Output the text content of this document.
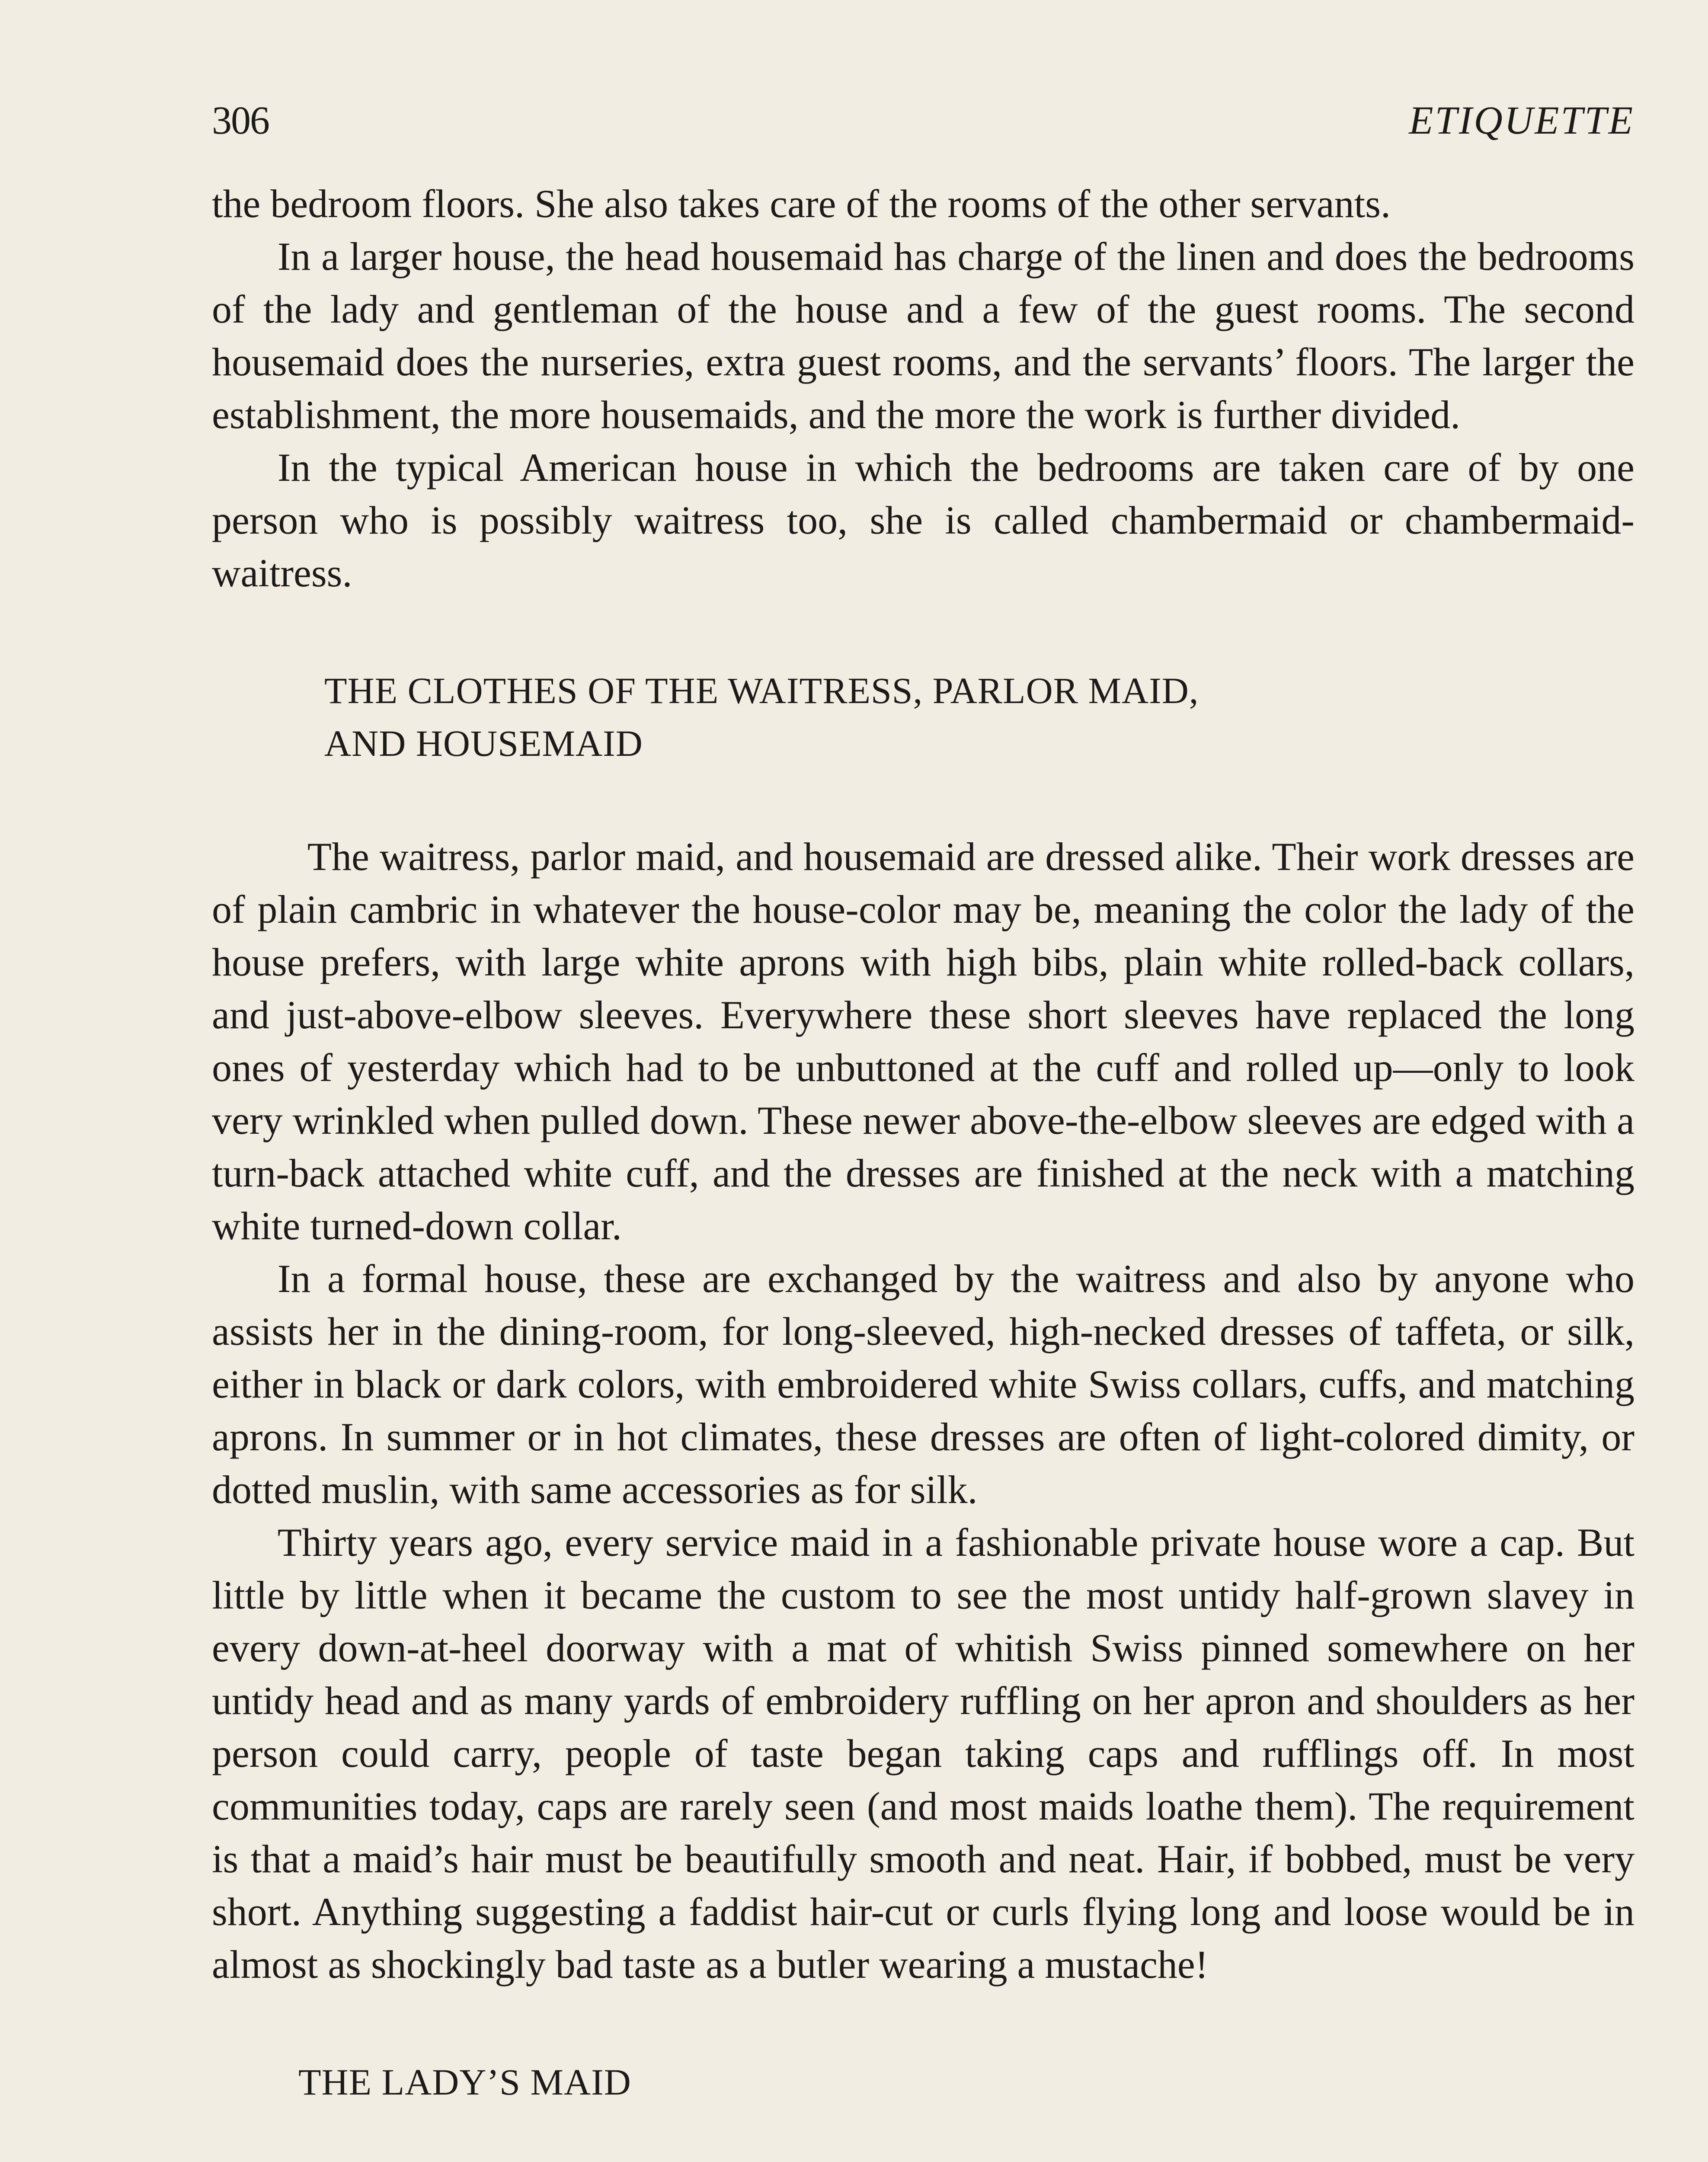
306	ETIQUETTE

the bedroom floors. She also takes care of the rooms of the other servants.

In a larger house, the head housemaid has charge of the linen and does the bedrooms of the lady and gentleman of the house and a few of the guest rooms. The second housemaid does the nurseries, extra guest rooms, and the servants’ floors. The larger the establishment, the more housemaids, and the more the work is further divided.

In the typical American house in which the bedrooms are taken care of by one person who is possibly waitress too, she is called chambermaid or chambermaid-waitress.

THE CLOTHES OF THE WAITRESS, PARLOR MAID,
AND HOUSEMAID

The waitress, parlor maid, and housemaid are dressed alike. Their work dresses are of plain cambric in whatever the house-color may be, meaning the color the lady of the house prefers, with large white aprons with high bibs, plain white rolled-back collars, and just-above-elbow sleeves. Everywhere these short sleeves have replaced the long ones of yesterday which had to be unbuttoned at the cuff and rolled up—only to look very wrinkled when pulled down. These newer above-the-elbow sleeves are edged with a turn-back attached white cuff, and the dresses are finished at the neck with a matching white turned-down collar.

In a formal house, these are exchanged by the waitress and also by anyone who assists her in the dining-room, for long-sleeved, high-necked dresses of taffeta, or silk, either in black or dark colors, with embroidered white Swiss collars, cuffs, and matching aprons. In summer or in hot climates, these dresses are often of light-colored dimity, or dotted muslin, with same accessories as for silk.

Thirty years ago, every service maid in a fashionable private house wore a cap. But little by little when it became the custom to see the most untidy half-grown slavey in every down-at-heel doorway with a mat of whitish Swiss pinned somewhere on her untidy head and as many yards of embroidery ruffling on her apron and shoulders as her person could carry, people of taste began taking caps and rufflings off. In most communities today, caps are rarely seen (and most maids loathe them). The requirement is that a maid’s hair must be beautifully smooth and neat. Hair, if bobbed, must be very short. Anything suggesting a faddist hair-cut or curls flying long and loose would be in almost as shockingly bad taste as a butler wearing a mustache!

THE LADY’S MAID
